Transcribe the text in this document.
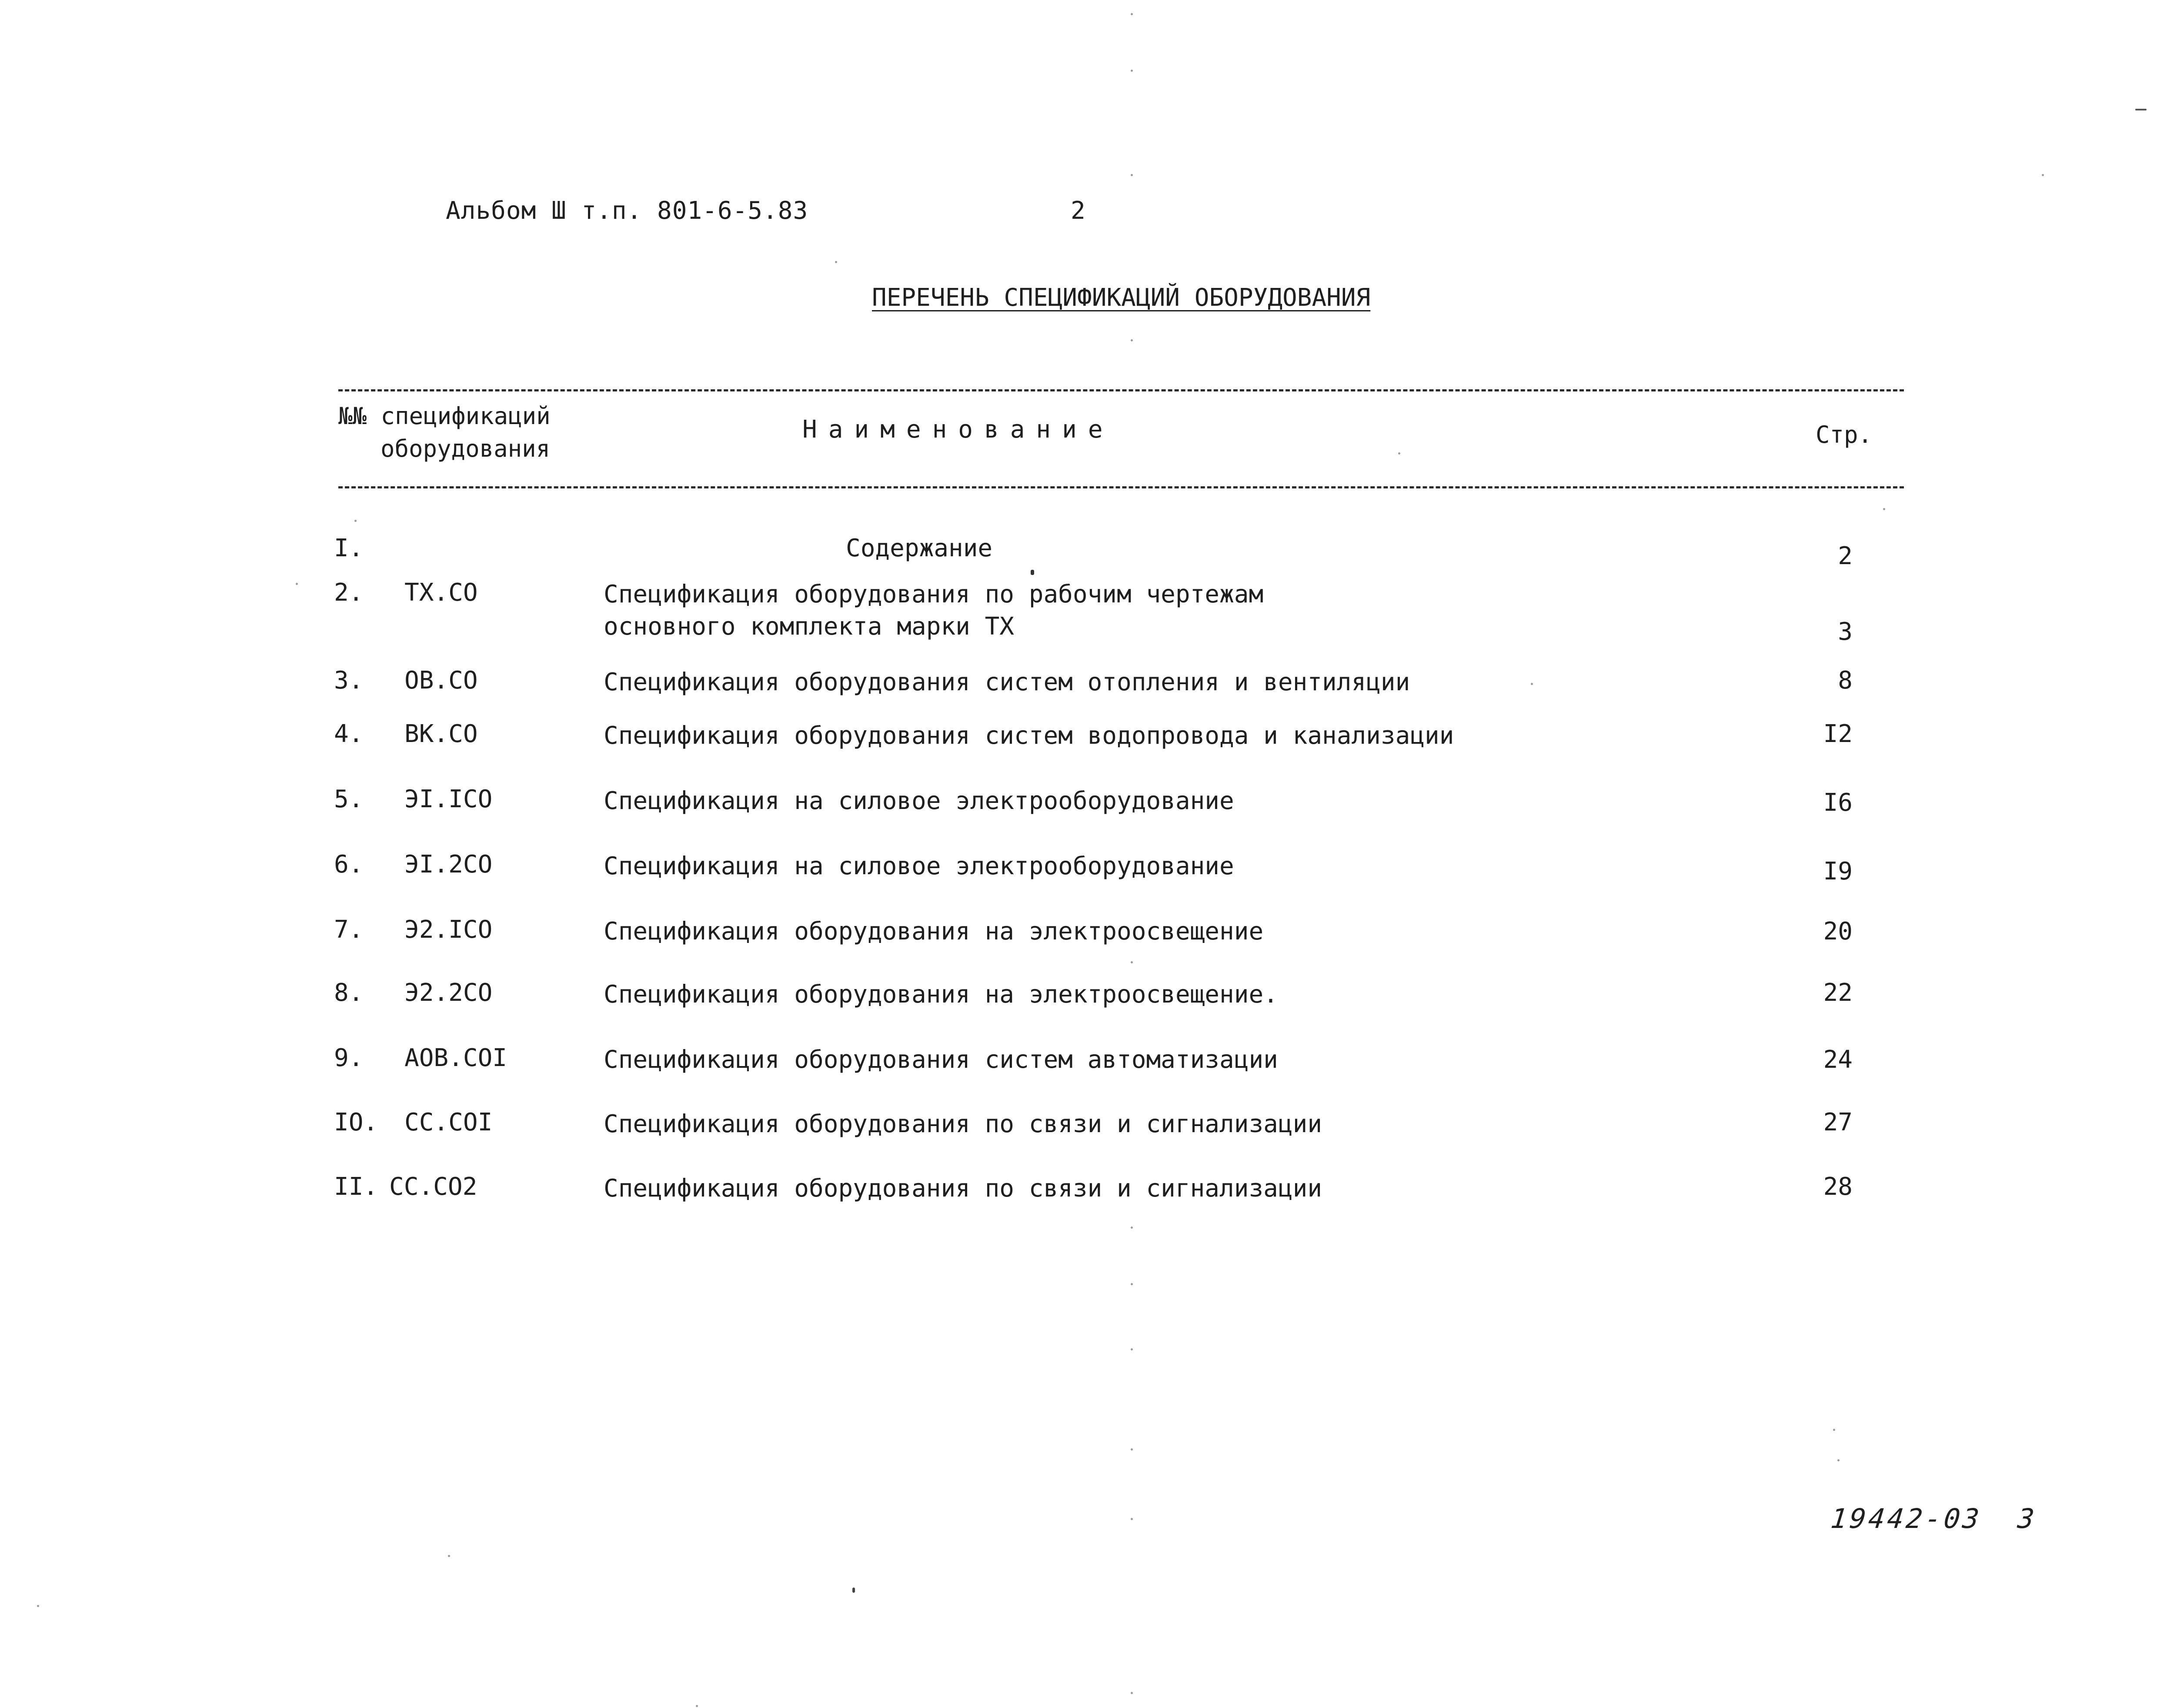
Альбом Ш т.п. 801-6-5.83	2
ПЕРЕЧЕНЬ СПЕЦИФИКАЦИЙ ОБОРУДОВАНИЯ
№№ спецификаций
оборудования
Наименование	Стр.
I.	Содержание	2
2. ТХ.СО	Спецификация оборудования по рабочим чертежам
основного комплекта марки ТХ	3
3. ОВ.СО	Спецификация оборудования систем отопления и вентиляции	8
4. ВК.СО	Спецификация оборудования систем водопровода и канализации	I2
5. ЭI.IСО	Спецификация на силовое электрооборудование	I6
6. ЭI.2СО	Спецификация на силовое электрооборудование	I9
7. Э2.IСО	Спецификация оборудования на электроосвещение	20
8. Э2.2СО	Спецификация оборудования на электроосвещение.	22
9. АОВ.СОI	Спецификация оборудования систем автоматизации	24
IO. СС.СОI	Спецификация оборудования по связи и сигнализации	27
II. СС.СО2	Спецификация оборудования по связи и сигнализации	28
19442-03 3
